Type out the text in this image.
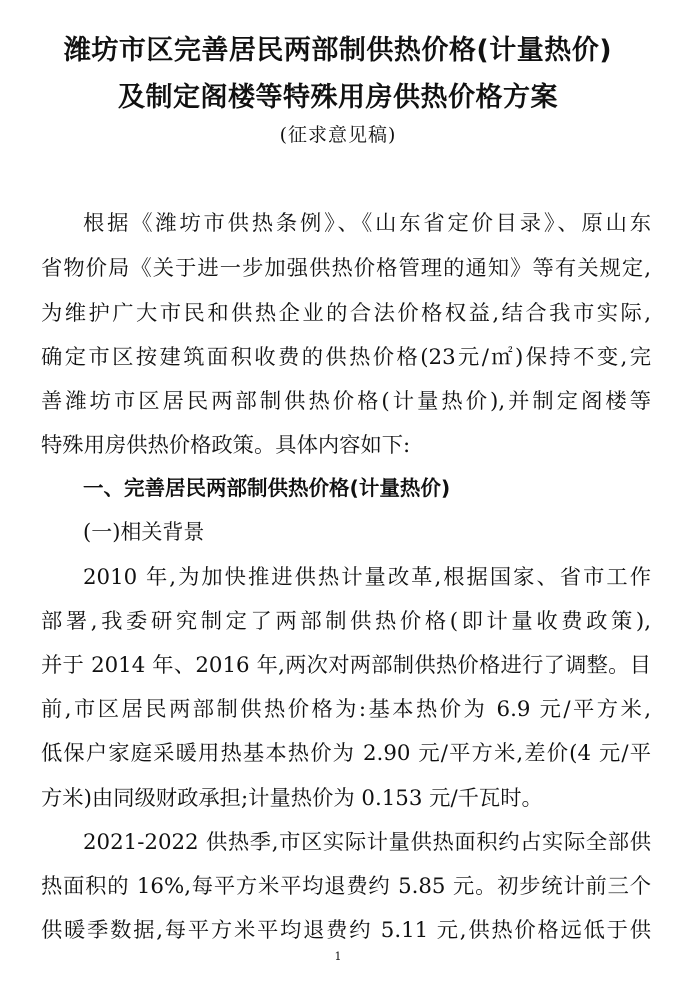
潍坊市区完善居民两部制供热价格(计量热价)
及制定阁楼等特殊用房供热价格方案

(征求意见稿)

根据《潍坊市供热条例》、《山东省定价目录》、原山东

省物价局《关于进一步加强供热价格管理的通知》等有关规定,

为维护广大市民和供热企业的合法价格权益,结合我市实际,

确定市区按建筑面积收费的供热价格(23元/㎡)保持不变,完

善潍坊市区居民两部制供热价格(计量热价),并制定阁楼等

特殊用房供热价格政策。具体内容如下:

一、完善居民两部制供热价格(计量热价)

(一)相关背景

2010 年,为加快推进供热计量改革,根据国家、省市工作

部署,我委研究制定了两部制供热价格(即计量收费政策),

并于 2014 年、2016 年,两次对两部制供热价格进行了调整。目

前,市区居民两部制供热价格为:基本热价为 6.9 元/平方米,

低保户家庭采暖用热基本热价为 2.90 元/平方米,差价(4 元/平

方米)由同级财政承担;计量热价为 0.153 元/千瓦时。

2021-2022 供热季,市区实际计量供热面积约占实际全部供

热面积的 16%,每平方米平均退费约 5.85 元。初步统计前三个

供暖季数据,每平方米平均退费约 5.11 元,供热价格远低于供

1
